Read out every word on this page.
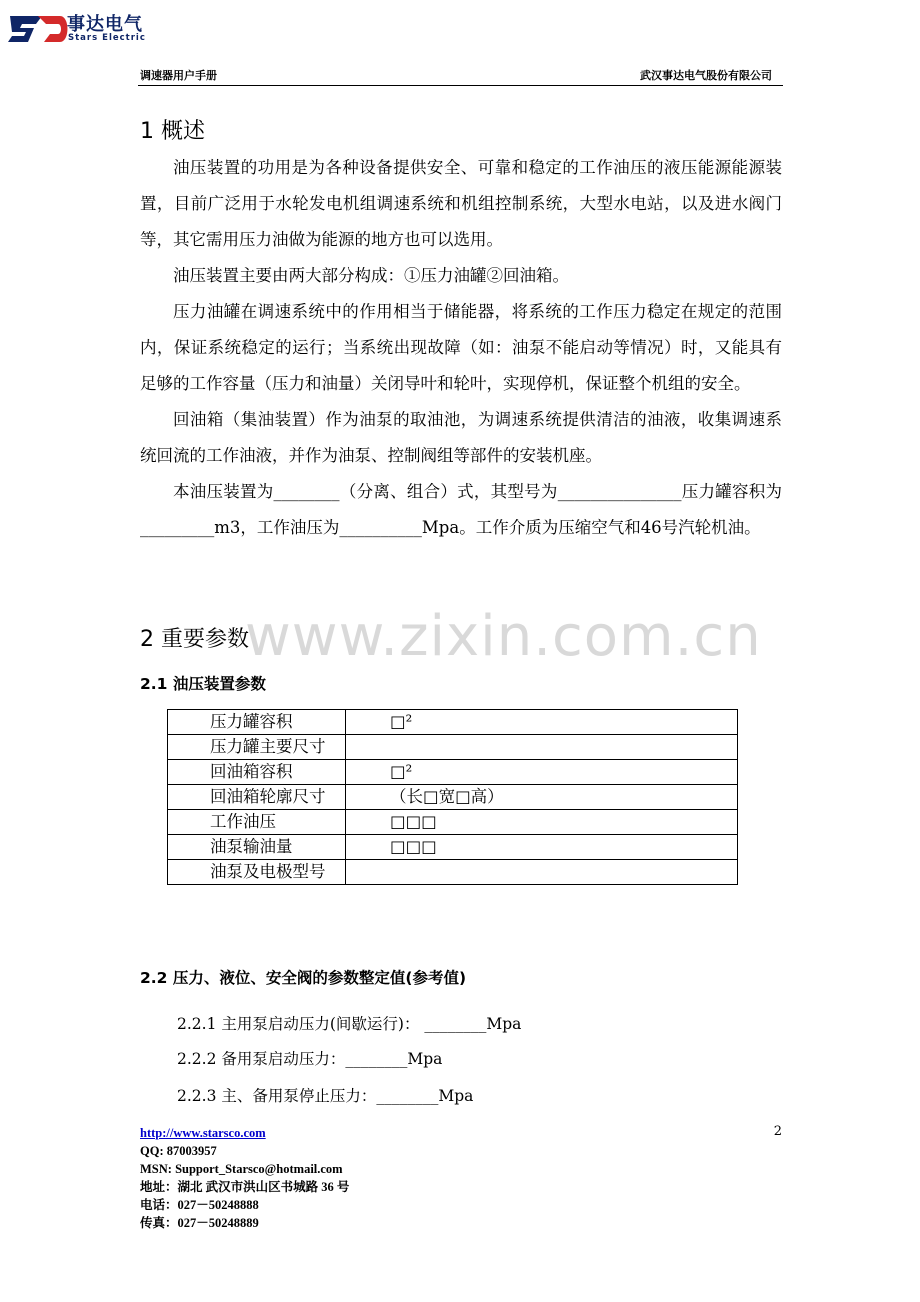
事达电气
Stars Electric
调速器用户手册	武汉事达电气股份有限公司
www.zixin.com.cn
1 概述

油压装置的功用是为各种设备提供安全、可靠和稳定的工作油压的液压能源能源装置，目前广泛用于水轮发电机组调速系统和机组控制系统，大型水电站，以及进水阀门等，其它需用压力油做为能源的地方也可以选用。

油压装置主要由两大部分构成：①压力油罐②回油箱。

压力油罐在调速系统中的作用相当于储能器，将系统的工作压力稳定在规定的范围内，保证系统稳定的运行；当系统出现故障（如：油泵不能启动等情况）时，又能具有足够的工作容量（压力和油量）关闭导叶和轮叶，实现停机，保证整个机组的安全。

回油箱（集油装置）作为油泵的取油池，为调速系统提供清洁的油液，收集调速系统回流的工作油液，并作为油泵、控制阀组等部件的安装机座。

本油压装置为________（分离、组合）式，其型号为_______________压力罐容积为_________m3，工作油压为__________Mpa。工作介质为压缩空气和46号汽轮机油。

2 重要参数
2.1 油压装置参数
压力罐容积	□²
压力罐主要尺寸	
回油箱容积	□²
回油箱轮廓尺寸	（长□宽□高）
工作油压	□□□
油泵输油量	□□□
油泵及电极型号	
2.2 压力、液位、安全阀的参数整定值(参考值)
2.2.1 主用泵启动压力(间歇运行)： ________Mpa
2.2.2 备用泵启动压力：________Mpa
2.2.3 主、备用泵停止压力：________Mpa
http://www.starsco.com
QQ: 87003957
MSN: Support_Starsco@hotmail.com
地址：湖北 武汉市洪山区书城路 36 号
电话：027－50248888
传真：027－50248889
2
